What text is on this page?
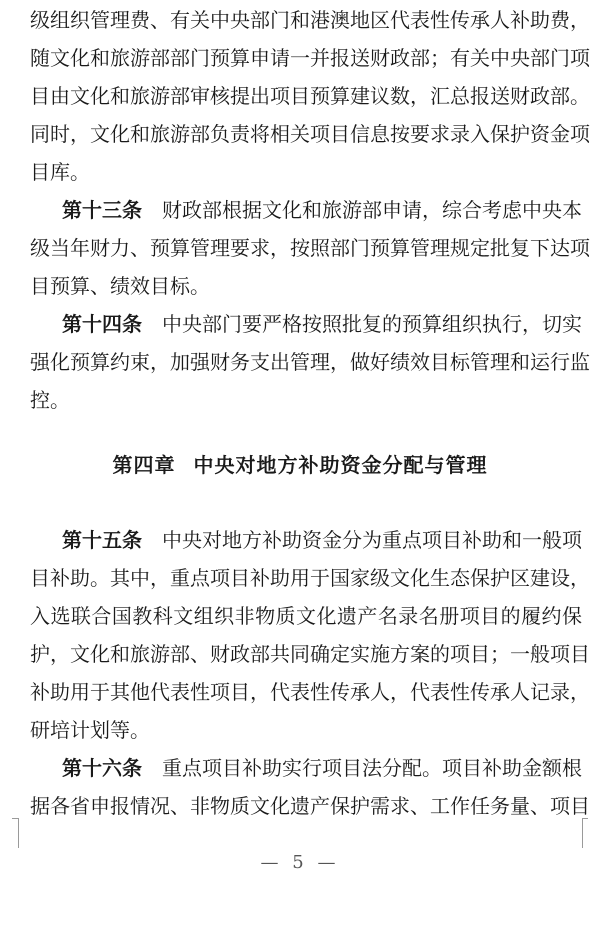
级组织管理费、有关中央部门和港澳地区代表性传承人补助费，
随文化和旅游部部门预算申请一并报送财政部；有关中央部门项
目由文化和旅游部审核提出项目预算建议数，汇总报送财政部。
同时，文化和旅游部负责将相关项目信息按要求录入保护资金项
目库。
第十三条　 财政部根据文化和旅游部申请，综合考虑中央本
级当年财力、预算管理要求，按照部门预算管理规定批复下达项
目预算、绩效目标。
第十四条　 中央部门要严格按照批复的预算组织执行，切实
强化预算约束，加强财务支出管理，做好绩效目标管理和运行监
控。
第四章 中央对地方补助资金分配与管理
第十五条　 中央对地方补助资金分为重点项目补助和一般项
目补助。其中，重点项目补助用于国家级文化生态保护区建设，
入选联合国教科文组织非物质文化遗产名录名册项目的履约保
护，文化和旅游部、财政部共同确定实施方案的项目；一般项目
补助用于其他代表性项目，代表性传承人，代表性传承人记录，
研培计划等。
第十六条　 重点项目补助实行项目法分配。项目补助金额根
据各省申报情况、非物质文化遗产保护需求、工作任务量、项目
— 5 —
